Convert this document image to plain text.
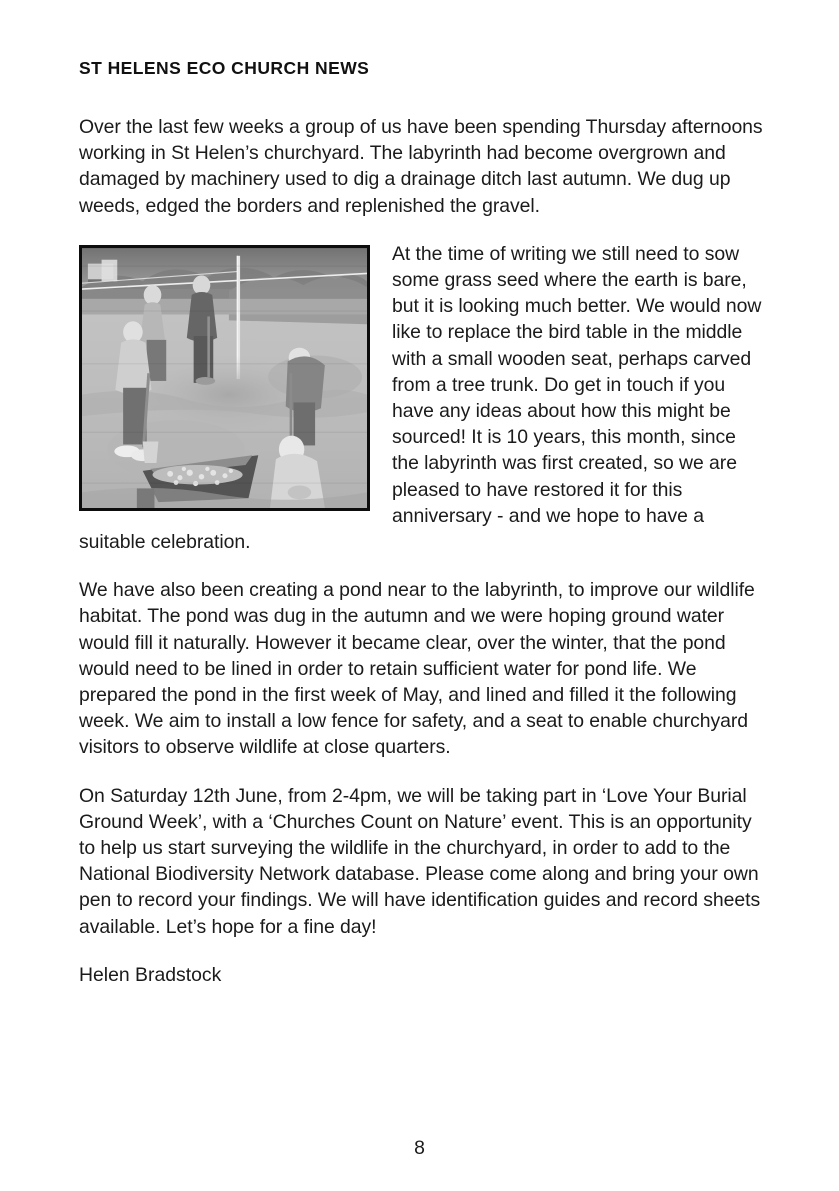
ST HELENS ECO CHURCH NEWS

Over the last few weeks a group of us have been spending Thursday afternoons working in St Helen’s churchyard. The labyrinth had become overgrown and damaged by machinery used to dig a drainage ditch last autumn. We dug up weeds, edged the borders and replenished the gravel.

At the time of writing we still need to sow some grass seed where the earth is bare, but it is looking much better. We would now like to replace the bird table in the middle with a small wooden seat, perhaps carved from a tree trunk. Do get in touch if you have any ideas about how this might be sourced! It is 10 years, this month, since the labyrinth was first created, so we are pleased to have restored it for this anniversary - and we hope to have a suitable celebration.

We have also been creating a pond near to the labyrinth, to improve our wildlife habitat. The pond was dug in the autumn and we were hoping ground water would fill it naturally. However it became clear, over the winter, that the pond would need to be lined in order to retain sufficient water for pond life. We prepared the pond in the first week of May, and lined and filled it the following week. We aim to install a low fence for safety, and a seat to enable churchyard visitors to observe wildlife at close quarters.

On Saturday 12th June, from 2-4pm, we will be taking part in ‘Love Your Burial Ground Week’, with a ‘Churches Count on Nature’ event. This is an opportunity to help us start surveying the wildlife in the churchyard, in order to add to the National Biodiversity Network database. Please come along and bring your own pen to record your findings. We will have identification guides and record sheets available. Let’s hope for a fine day!

Helen Bradstock

8
